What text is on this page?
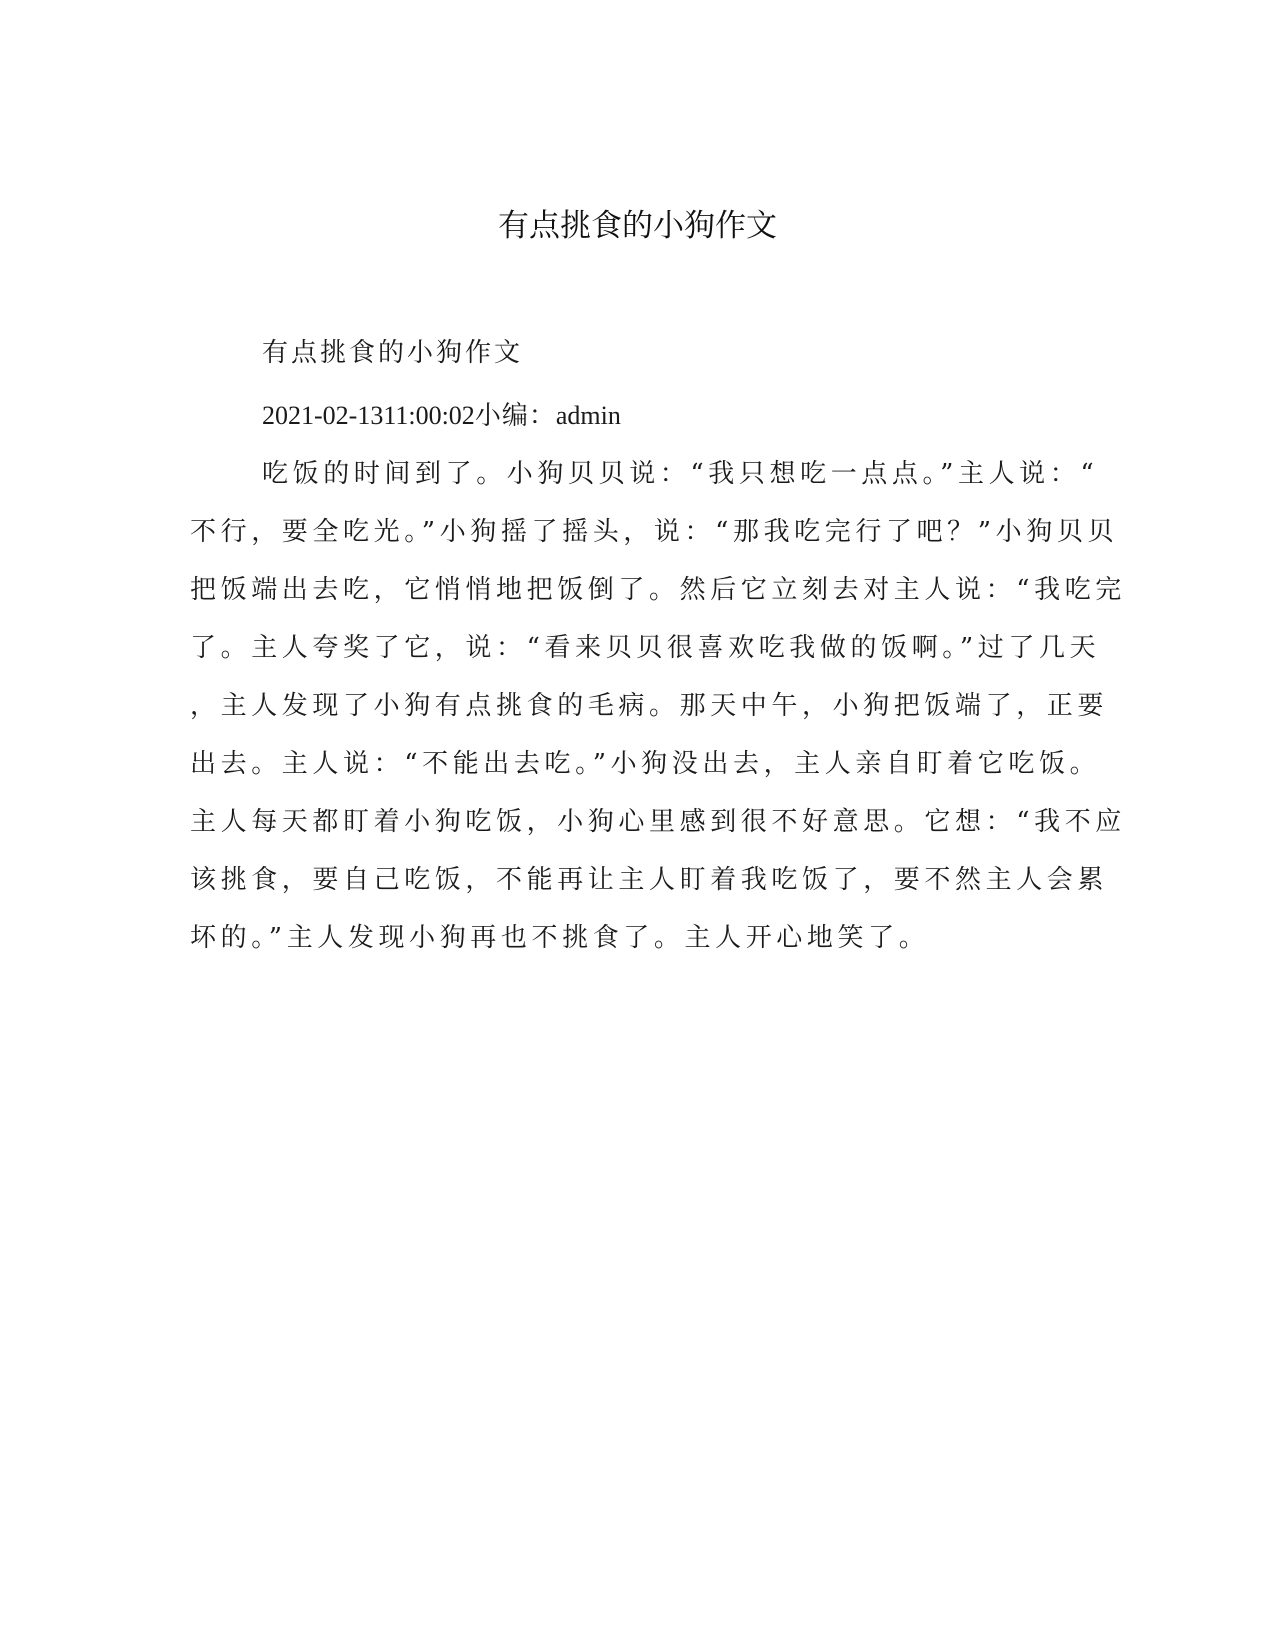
有点挑食的小狗作文

有点挑食的小狗作文

2021-02-1311:00:02小编：admin

吃饭的时间到了。小狗贝贝说：“我只想吃一点点。”主人说：“

不行，要全吃光。”小狗摇了摇头，说：“那我吃完行了吧？”小狗贝贝

把饭端出去吃，它悄悄地把饭倒了。然后它立刻去对主人说：“我吃完

了。主人夸奖了它，说：“看来贝贝很喜欢吃我做的饭啊。”过了几天

，主人发现了小狗有点挑食的毛病。那天中午，小狗把饭端了，正要

出去。主人说：“不能出去吃。”小狗没出去，主人亲自盯着它吃饭。

主人每天都盯着小狗吃饭，小狗心里感到很不好意思。它想：“我不应

该挑食，要自己吃饭，不能再让主人盯着我吃饭了，要不然主人会累

坏的。”主人发现小狗再也不挑食了。主人开心地笑了。
